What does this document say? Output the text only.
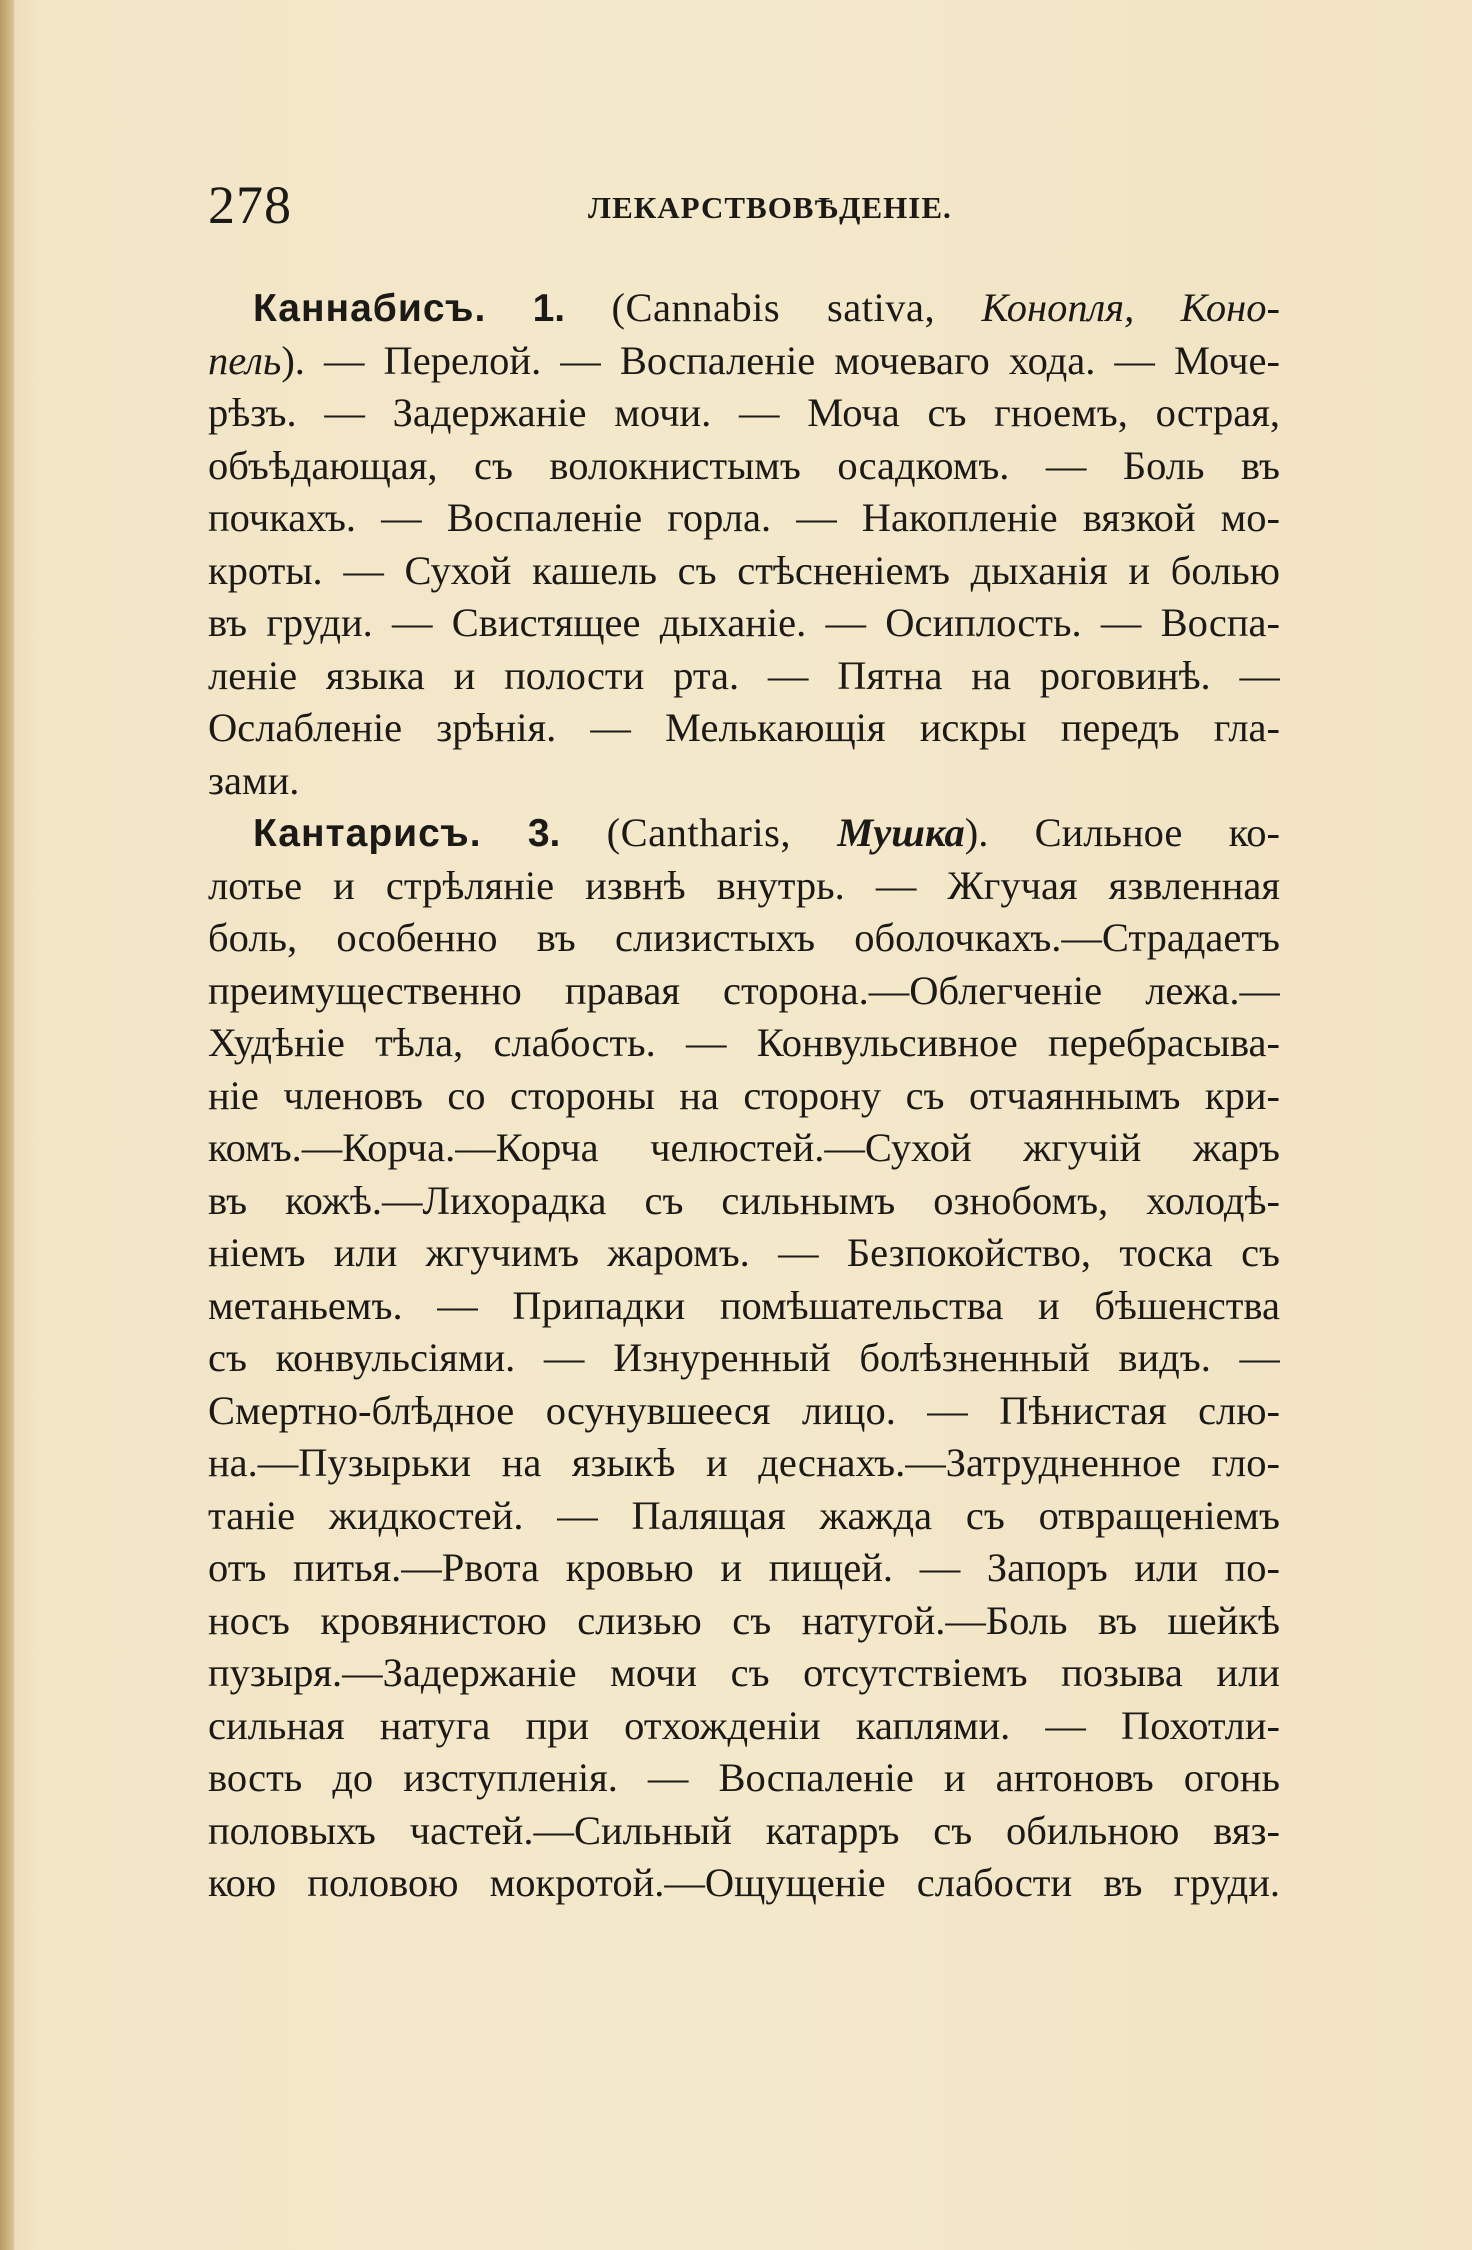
278	ЛЕКАРСТВОВѢДЕНІЕ.
Каннабисъ. 1. (Cannabis sativa, Конопля, Коно-
пель). — Перелой. — Воспаленіе мочеваго хода. — Моче-
рѣзъ. — Задержаніе мочи. — Моча съ гноемъ, острая,
объѣдающая, съ волокнистымъ осадкомъ. — Боль въ
почкахъ. — Воспаленіе горла. — Накопленіе вязкой мо-
кроты. — Сухой кашель съ стѣсненіемъ дыханія и болью
въ груди. — Свистящее дыханіе. — Осиплость. — Воспа-
леніе языка и полости рта. — Пятна на роговинѣ. —
Ослабленіе зрѣнія. — Мелькающія искры передъ гла-
зами.
Кантарисъ. 3. (Cantharis, Мушка). Сильное ко-
лотье и стрѣляніе извнѣ внутрь. — Жгучая язвленная
боль, особенно въ слизистыхъ оболочкахъ.—Страдаетъ
преимущественно правая сторона.—Облегченіе лежа.—
Худѣніе тѣла, слабость. — Конвульсивное перебрасыва-
ніе членовъ со стороны на сторону съ отчаяннымъ кри-
комъ.—Корча.—Корча челюстей.—Сухой жгучій жаръ
въ кожѣ.—Лихорадка съ сильнымъ ознобомъ, холодѣ-
ніемъ или жгучимъ жаромъ. — Безпокойство, тоска съ
метаньемъ. — Припадки помѣшательства и бѣшенства
съ конвульсіями. — Изнуренный болѣзненный видъ. —
Смертно-блѣдное осунувшееся лицо. — Пѣнистая слю-
на.—Пузырьки на языкѣ и деснахъ.—Затрудненное гло-
таніе жидкостей. — Палящая жажда съ отвращеніемъ
отъ питья.—Рвота кровью и пищей. — Запоръ или по-
носъ кровянистою слизью съ натугой.—Боль въ шейкѣ
пузыря.—Задержаніе мочи съ отсутствіемъ позыва или
сильная натуга при отхожденіи каплями. — Похотли-
вость до изступленія. — Воспаленіе и антоновъ огонь
половыхъ частей.—Сильный катарръ съ обильною вяз-
кою половою мокротой.—Ощущеніе слабости въ груди.
